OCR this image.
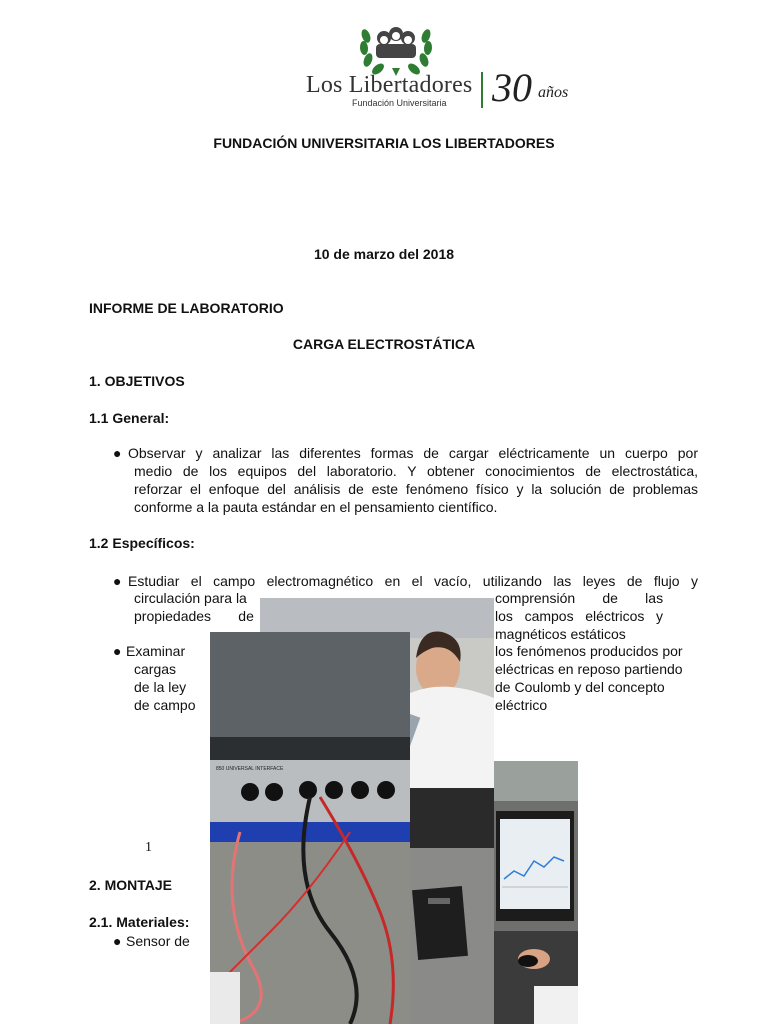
Los Libertadores
Fundación Universitaria 30 años
FUNDACIÓN UNIVERSITARIA LOS LIBERTADORES
10 de marzo del 2018
INFORME DE LABORATORIO
CARGA ELECTROSTÁTICA
1. OBJETIVOS
1.1 General:
● Observar y analizar las diferentes formas de cargar eléctricamente un cuerpo por
medio de los equipos del laboratorio. Y obtener conocimientos de electrostática,
reforzar el enfoque del análisis de este fenómeno físico y la solución de problemas
conforme a la pauta estándar en el pensamiento científico.
1.2 Específicos:
● Estudiar el campo electromagnético en el vacío, utilizando las leyes de flujo y
circulación para la
propiedades       de
comprensión       de       las
los   campos   eléctricos   y
magnéticos estáticos
● Examinar
cargas
de la ley
de campo
los fenómenos producidos por
eléctricas en reposo partiendo
de Coulomb y del concepto
eléctrico
1
2. MONTAJE
2.1. Materiales:
● Sensor de
850 UNIVERSAL INTERFACE
